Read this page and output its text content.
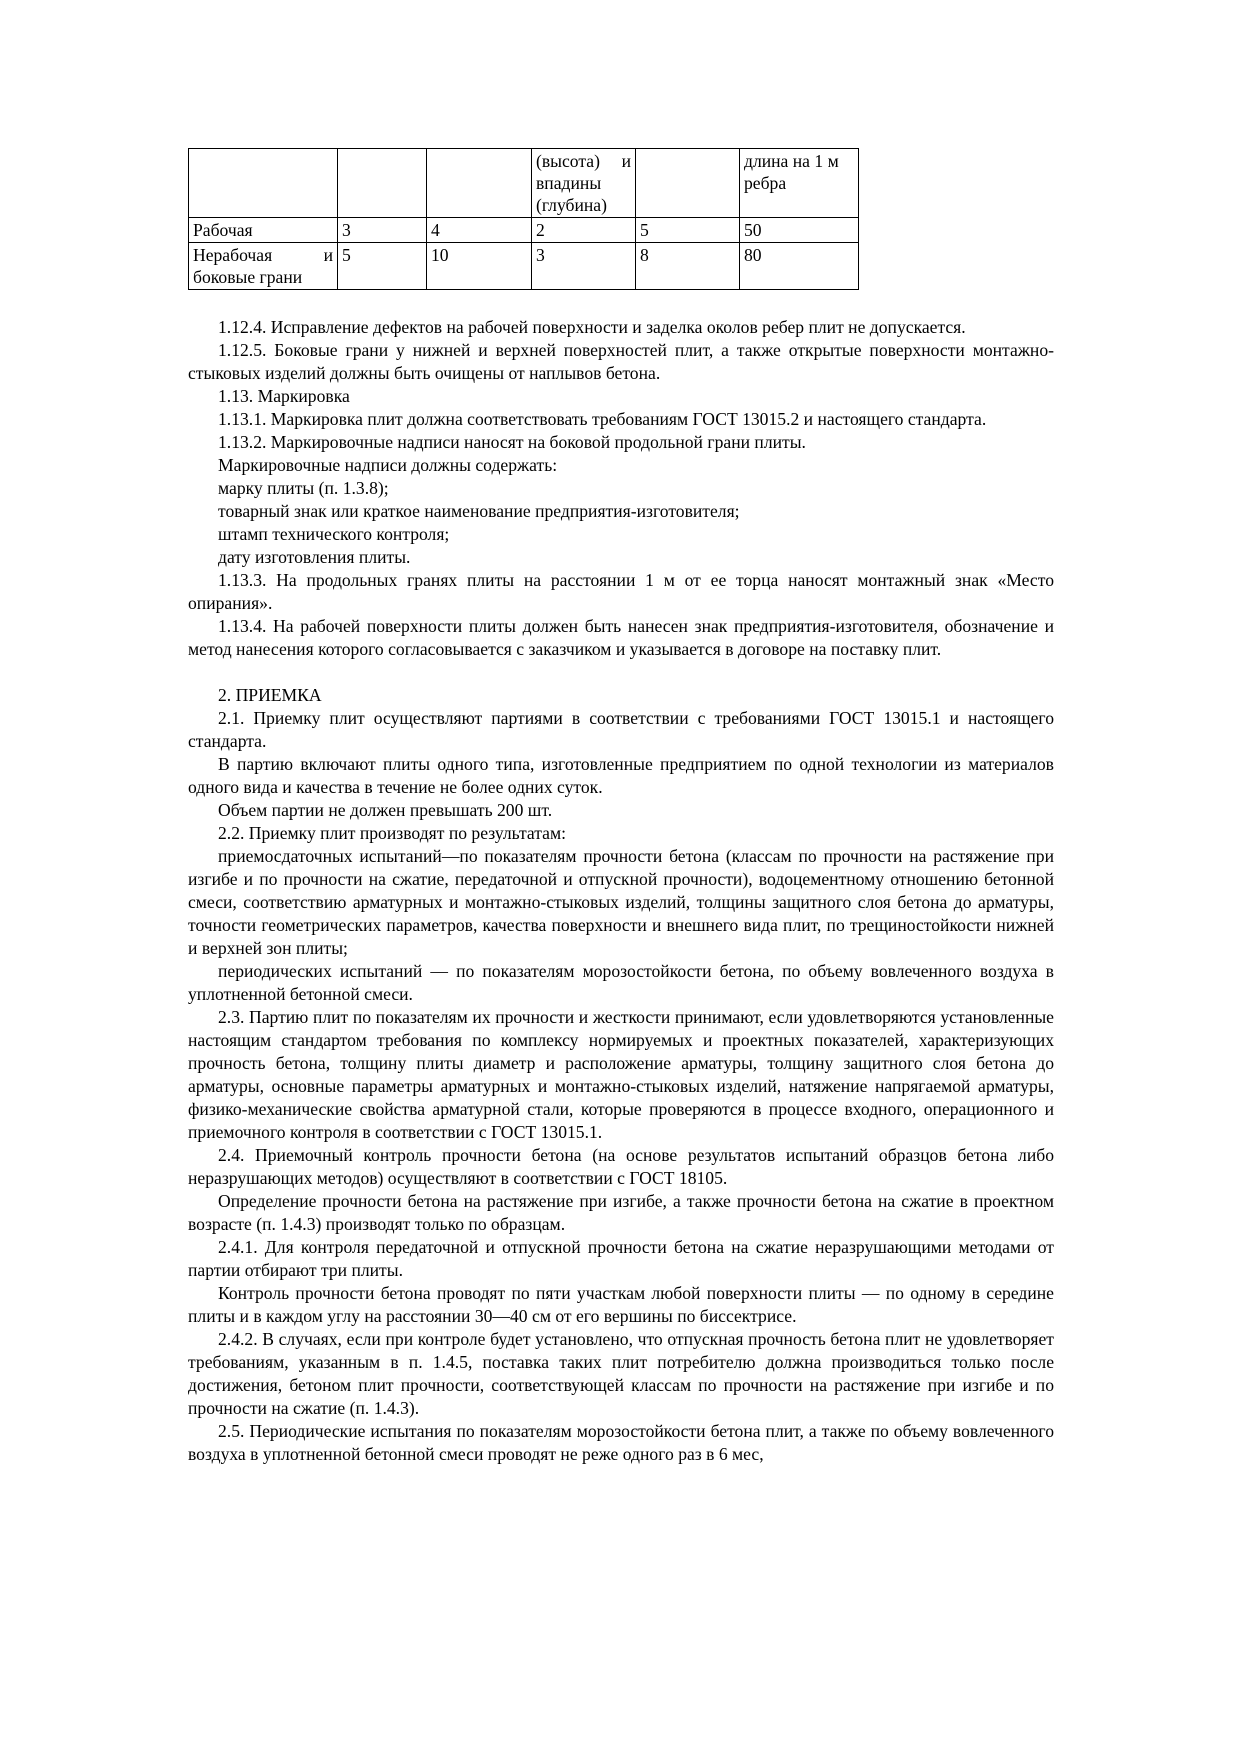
			(высота) и впадины (глубина)		длина на 1 м ребра
Рабочая	3	4	2	5	50

Нерабочая и
боковые грани	5	10	3	8	80

1.12.4. Исправление дефектов на рабочей поверхности и заделка околов ребер плит не допускается.

1.12.5. Боковые грани у нижней и верхней поверхностей плит, а также открытые поверхности монтажно-стыковых изделий должны быть очищены от наплывов бетона.

1.13. Маркировка

1.13.1. Маркировка плит должна соответствовать требованиям ГОСТ 13015.2 и настоящего стандарта.

1.13.2. Маркировочные надписи наносят на боковой продольной грани плиты.

Маркировочные надписи должны содержать:

марку плиты (п. 1.3.8);

товарный знак или краткое наименование предприятия-изготовителя;

штамп технического контроля;

дату изготовления плиты.

1.13.3. На продольных гранях плиты на расстоянии 1 м от ее торца наносят монтажный знак «Место опирания».

1.13.4. На рабочей поверхности плиты должен быть нанесен знак предприятия-изготовителя, обозначение и метод нанесения которого согласовывается с заказчиком и указывается в договоре на поставку плит.

2. ПРИЕМКА

2.1. Приемку плит осуществляют партиями в соответствии с требованиями ГОСТ 13015.1 и настоящего стандарта.

В партию включают плиты одного типа, изготовленные предприятием по одной технологии из материалов одного вида и качества в течение не более одних суток.

Объем партии не должен превышать 200 шт.

2.2. Приемку плит производят по результатам:

приемосдаточных испытаний—по показателям прочности бетона (классам по прочности на растяжение при изгибе и по прочности на сжатие, передаточной и отпускной прочности), водоцементному отношению бетонной смеси, соответствию арматурных и монтажно-стыковых изделий, толщины защитного слоя бетона до арматуры, точности геометрических параметров, качества поверхности и внешнего вида плит, по трещиностойкости нижней и верхней зон плиты;

периодических испытаний — по показателям морозостойкости бетона, по объему вовлеченного воздуха в уплотненной бетонной смеси.

2.3. Партию плит по показателям их прочности и жесткости принимают, если удовлетворяются установленные настоящим стандартом требования по комплексу нормируемых и проектных показателей, характеризующих прочность бетона, толщину плиты диаметр и расположение арматуры, толщину защитного слоя бетона до арматуры, основные параметры арматурных и монтажно-стыковых изделий, натяжение напрягаемой арматуры, физико-механические свойства арматурной стали, которые проверяются в процессе входного, операционного и приемочного контроля в соответствии с ГОСТ 13015.1.

2.4. Приемочный контроль прочности бетона (на основе результатов испытаний образцов бетона либо неразрушающих методов) осуществляют в соответствии с ГОСТ 18105.

Определение прочности бетона на растяжение при изгибе, а также прочности бетона на сжатие в проектном возрасте (п. 1.4.3) производят только по образцам.

2.4.1. Для контроля передаточной и отпускной прочности бетона на сжатие неразрушающими методами от партии отбирают три плиты.

Контроль прочности бетона проводят по пяти участкам любой поверхности плиты — по одному в середине плиты и в каждом углу на расстоянии 30—40 см от его вершины по биссектрисе.

2.4.2. В случаях, если при контроле будет установлено, что отпускная прочность бетона плит не удовлетворяет требованиям, указанным в п. 1.4.5, поставка таких плит потребителю должна производиться только после достижения, бетоном плит прочности, соответствующей классам по прочности на растяжение при изгибе и по прочности на сжатие (п. 1.4.3).

2.5. Периодические испытания по показателям морозостойкости бетона плит, а также по объему вовлеченного воздуха в уплотненной бетонной смеси проводят не реже одного раз в 6 мес,
